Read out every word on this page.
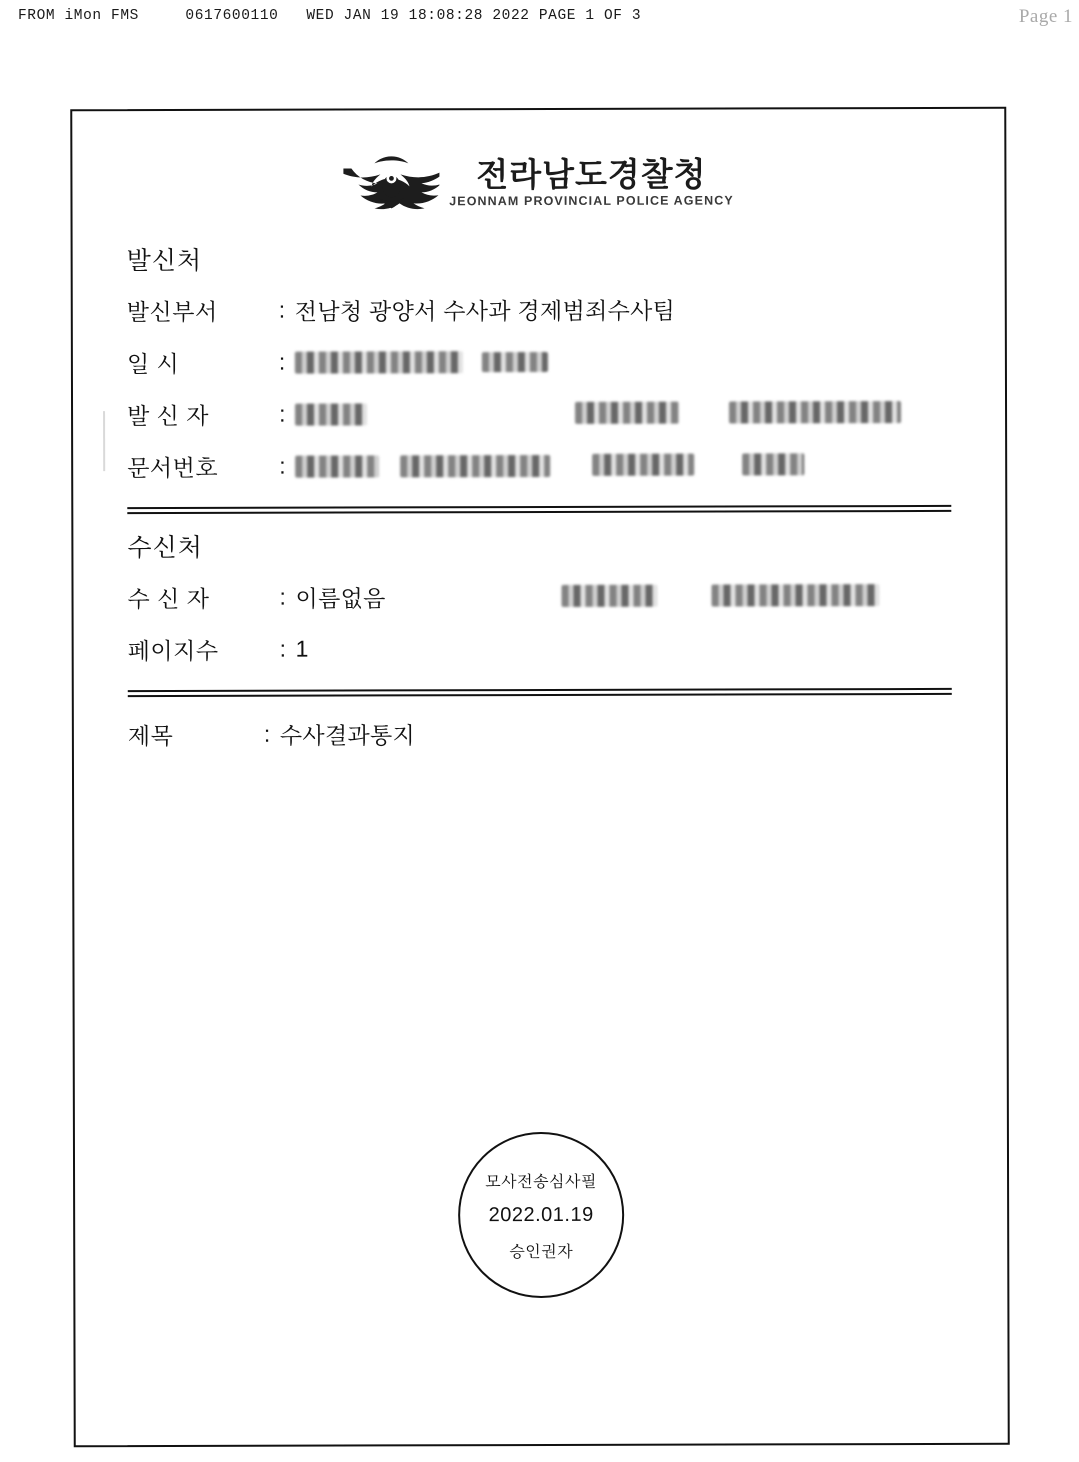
FROM iMon FMS     0617600110   WED JAN 19 18:08:28 2022 PAGE 1 OF 3	Page 1
전라남도경찰청
JEONNAM PROVINCIAL POLICE AGENCY
발신처
발신부서	: 전남청 광양서 수사과 경제범죄수사팀
일 시	:

발 신 자	:
문서번호	:

수신처
수 신 자	: 이름없음
페이지수	: 1
제목	: 수사결과통지
모사전송심사필
2022.01.19
승인권자
